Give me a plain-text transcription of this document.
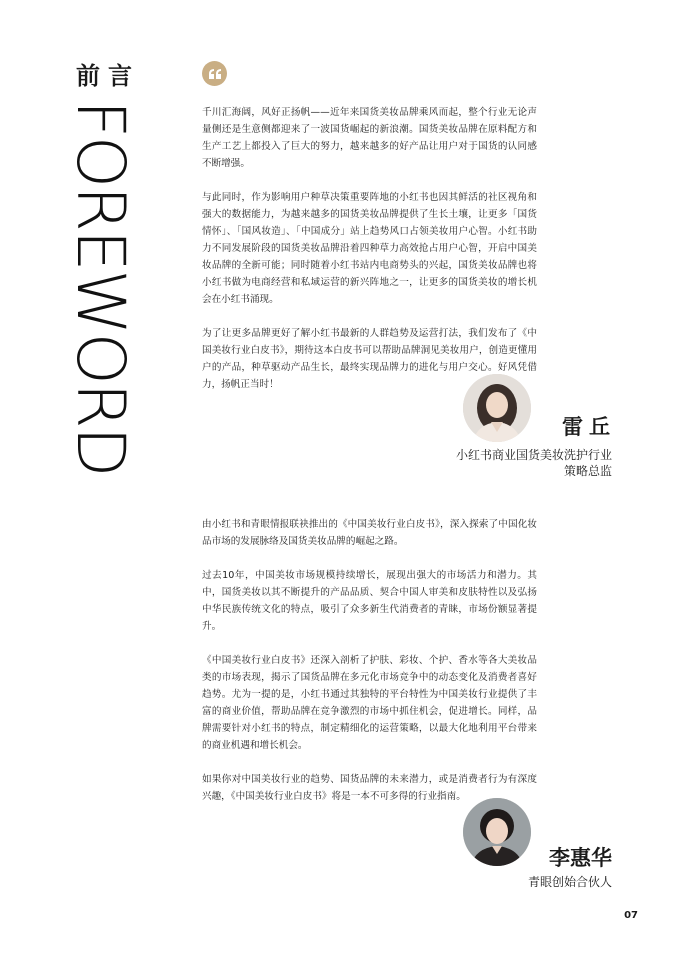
前言
FOREWORD	千川汇海阔，风好正扬帆——近年来国货美妆品牌乘风而起，整个行业无论声量侧还是生意侧都迎来了一波国货崛起的新浪潮。国货美妆品牌在原料配方和生产工艺上都投入了巨大的努力，越来越多的好产品让用户对于国货的认同感不断增强。

与此同时，作为影响用户种草决策重要阵地的小红书也因其鲜活的社区视角和强大的数据能力，为越来越多的国货美妆品牌提供了生长土壤，让更多「国货情怀」、「国风妆造」、「中国成分」站上趋势风口占领美妆用户心智。小红书助力不同发展阶段的国货美妆品牌沿着四种草力高效抢占用户心智，开启中国美妆品牌的全新可能；同时随着小红书站内电商势头的兴起，国货美妆品牌也将小红书做为电商经营和私域运营的新兴阵地之一，让更多的国货美妆的增长机会在小红书涌现。

为了让更多品牌更好了解小红书最新的人群趋势及运营打法，我们发布了《中国美妆行业白皮书》，期待这本白皮书可以帮助品牌洞见美妆用户，创造更懂用户的产品，种草驱动产品生长，最终实现品牌力的进化与用户交心。好风凭借力，扬帆正当时！

雷丘
小红书商业国货美妆洗护行业
策略总监

由小红书和青眼情报联袂推出的《中国美妆行业白皮书》，深入探索了中国化妆品市场的发展脉络及国货美妆品牌的崛起之路。

过去10年，中国美妆市场规模持续增长，展现出强大的市场活力和潜力。其中，国货美妆以其不断提升的产品品质、契合中国人审美和皮肤特性以及弘扬中华民族传统文化的特点，吸引了众多新生代消费者的青睐，市场份额显著提升。

《中国美妆行业白皮书》还深入剖析了护肤、彩妆、个护、香水等各大美妆品类的市场表现，揭示了国货品牌在多元化市场竞争中的动态变化及消费者喜好趋势。尤为一提的是，小红书通过其独特的平台特性为中国美妆行业提供了丰富的商业价值，帮助品牌在竞争激烈的市场中抓住机会，促进增长。同样，品牌需要针对小红书的特点，制定精细化的运营策略，以最大化地利用平台带来的商业机遇和增长机会。

如果你对中国美妆行业的趋势、国货品牌的未来潜力，或是消费者行为有深度兴趣，《中国美妆行业白皮书》将是一本不可多得的行业指南。

李惠华
青眼创始合伙人
07
